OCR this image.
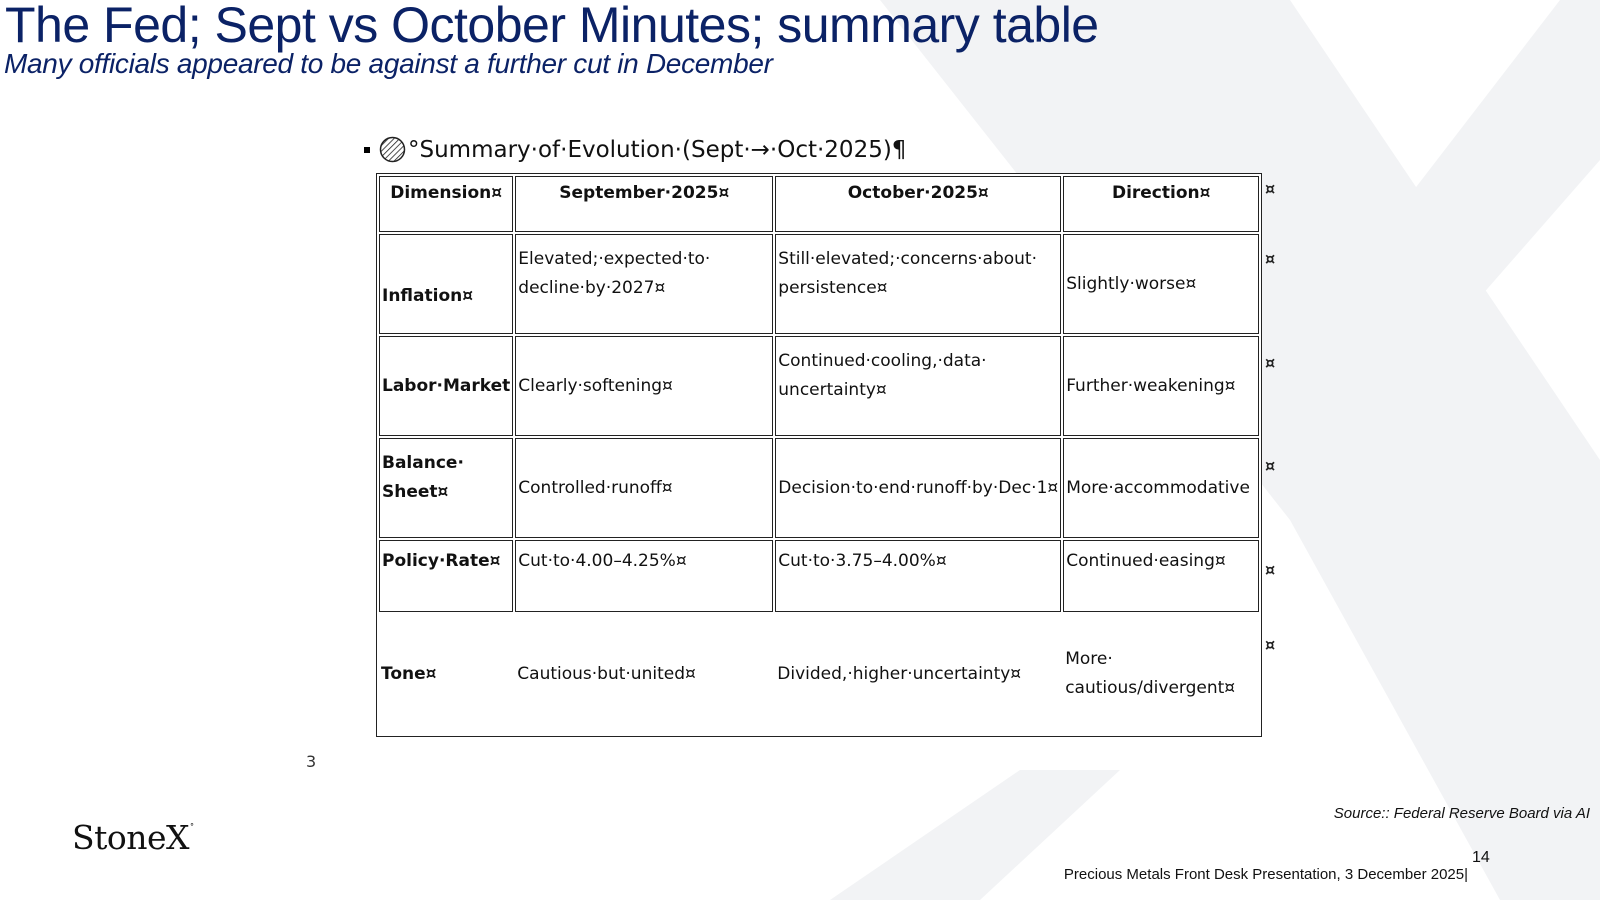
The Fed; Sept vs October Minutes; summary table
Many officials appeared to be against a further cut in December
°Summary·of·Evolution·(Sept·→·Oct·2025)¶
Dimension¤	September·2025¤	October·2025¤	Direction¤
Inflation¤	Elevated;·expected·to· decline·by·2027¤	Still·elevated;·concerns·about· persistence¤	Slightly·worse¤
Labor·Market	Clearly·softening¤	Continued·cooling,·data· uncertainty¤	Further·weakening¤
Balance· Sheet¤	Controlled·runoff¤	Decision·to·end·runoff·by·Dec·1¤	More·accommodative
Policy·Rate¤	Cut·to·4.00–4.25%¤	Cut·to·3.75–4.00%¤	Continued·easing¤
Tone¤	Cautious·but·united¤	Divided,·higher·uncertainty¤	More· cautious/divergent¤
¤
¤
¤
¤
¤
¤
3
StoneX°
Source:: Federal Reserve Board via AI
14
Precious Metals Front Desk Presentation, 3 December 2025|
